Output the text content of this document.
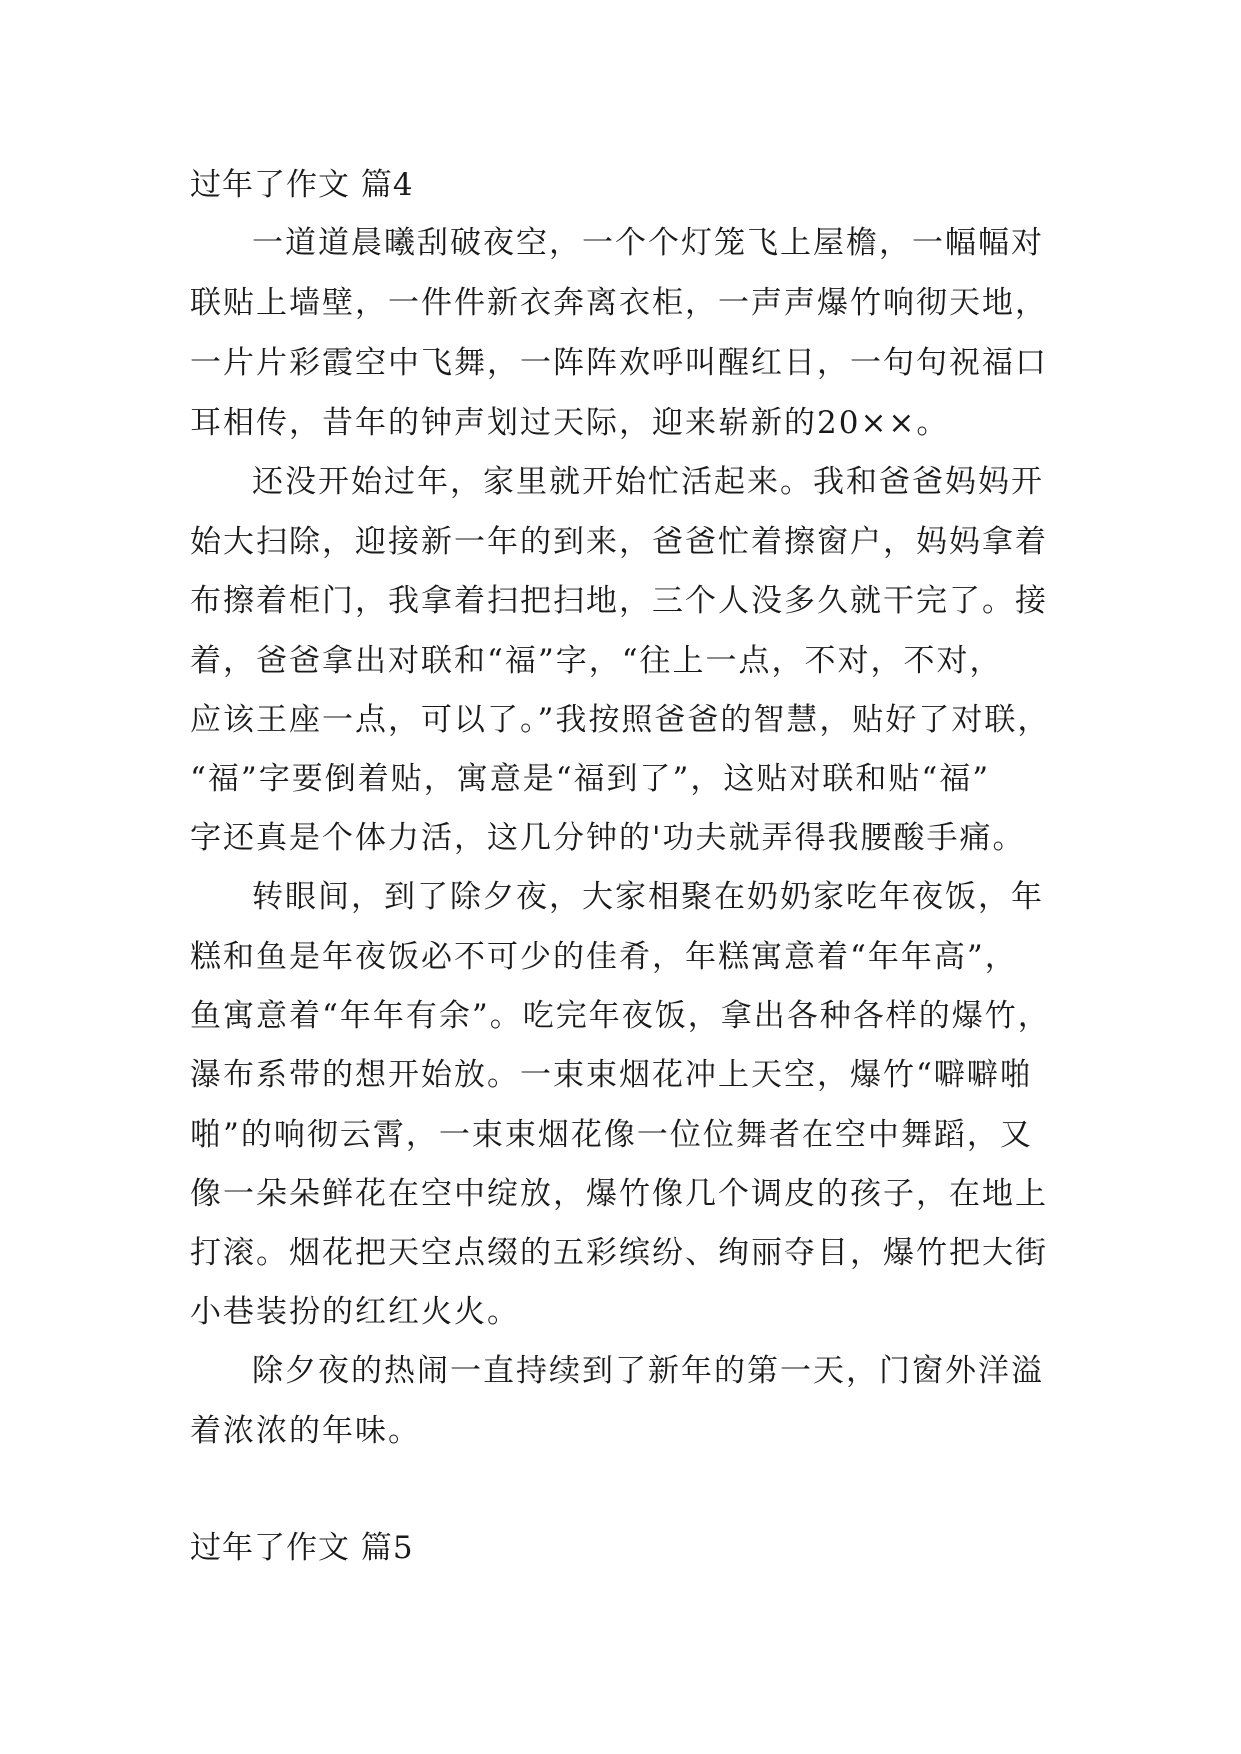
过年了作文 篇4
一道道晨曦刮破夜空，一个个灯笼飞上屋檐，一幅幅对
联贴上墙壁，一件件新衣奔离衣柜，一声声爆竹响彻天地，
一片片彩霞空中飞舞，一阵阵欢呼叫醒红日，一句句祝福口
耳相传，昔年的钟声划过天际，迎来崭新的20××。
还没开始过年，家里就开始忙活起来。我和爸爸妈妈开
始大扫除，迎接新一年的到来，爸爸忙着擦窗户，妈妈拿着
布擦着柜门，我拿着扫把扫地，三个人没多久就干完了。接
着，爸爸拿出对联和“福”字，“往上一点，不对，不对，
应该王座一点，可以了。”我按照爸爸的智慧，贴好了对联，
“福”字要倒着贴，寓意是“福到了”，这贴对联和贴“福”
字还真是个体力活，这几分钟的'功夫就弄得我腰酸手痛。
转眼间，到了除夕夜，大家相聚在奶奶家吃年夜饭，年
糕和鱼是年夜饭必不可少的佳肴，年糕寓意着“年年高”，
鱼寓意着“年年有余”。吃完年夜饭，拿出各种各样的爆竹，
瀑布系带的想开始放。一束束烟花冲上天空，爆竹“噼噼啪
啪”的响彻云霄，一束束烟花像一位位舞者在空中舞蹈，又
像一朵朵鲜花在空中绽放，爆竹像几个调皮的孩子，在地上
打滚。烟花把天空点缀的五彩缤纷、绚丽夺目，爆竹把大街
小巷装扮的红红火火。
除夕夜的热闹一直持续到了新年的第一天，门窗外洋溢
着浓浓的年味。
过年了作文 篇5
